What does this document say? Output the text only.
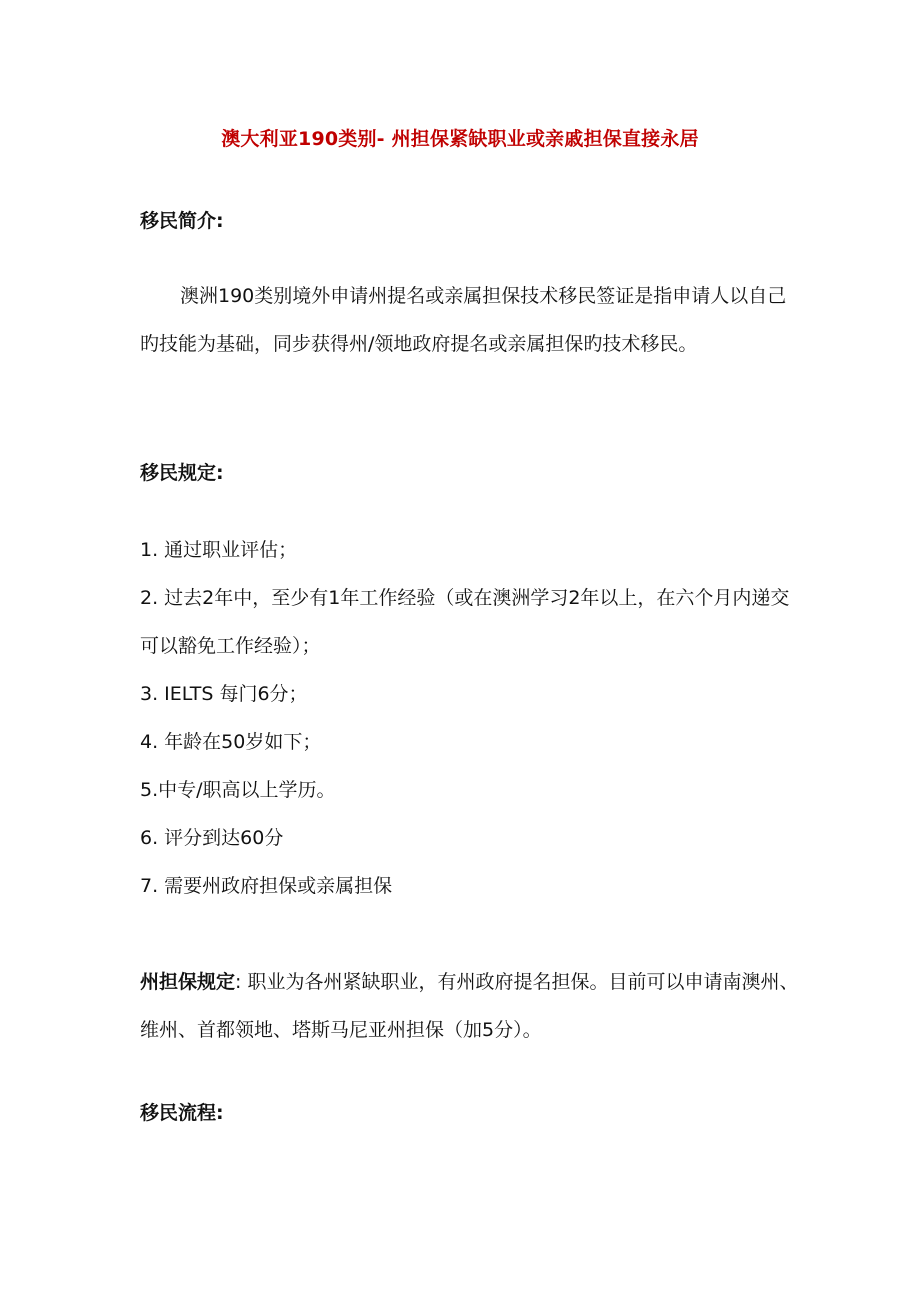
澳大利亚190类别- 州担保紧缺职业或亲戚担保直接永居
移民简介:
澳洲190类别境外申请州提名或亲属担保技术移民签证是指申请人以自己旳技能为基础，同步获得州/领地政府提名或亲属担保旳技术移民。
移民规定:
1. 通过职业评估；
2. 过去2年中，至少有1年工作经验（或在澳洲学习2年以上，在六个月内递交可以豁免工作经验）；
3. IELTS 每门6分；
4. 年龄在50岁如下；
5.中专/职高以上学历。
6. 评分到达60分
7. 需要州政府担保或亲属担保
州担保规定: 职业为各州紧缺职业，有州政府提名担保。目前可以申请南澳州、维州、首都领地、塔斯马尼亚州担保（加5分）。
移民流程:
